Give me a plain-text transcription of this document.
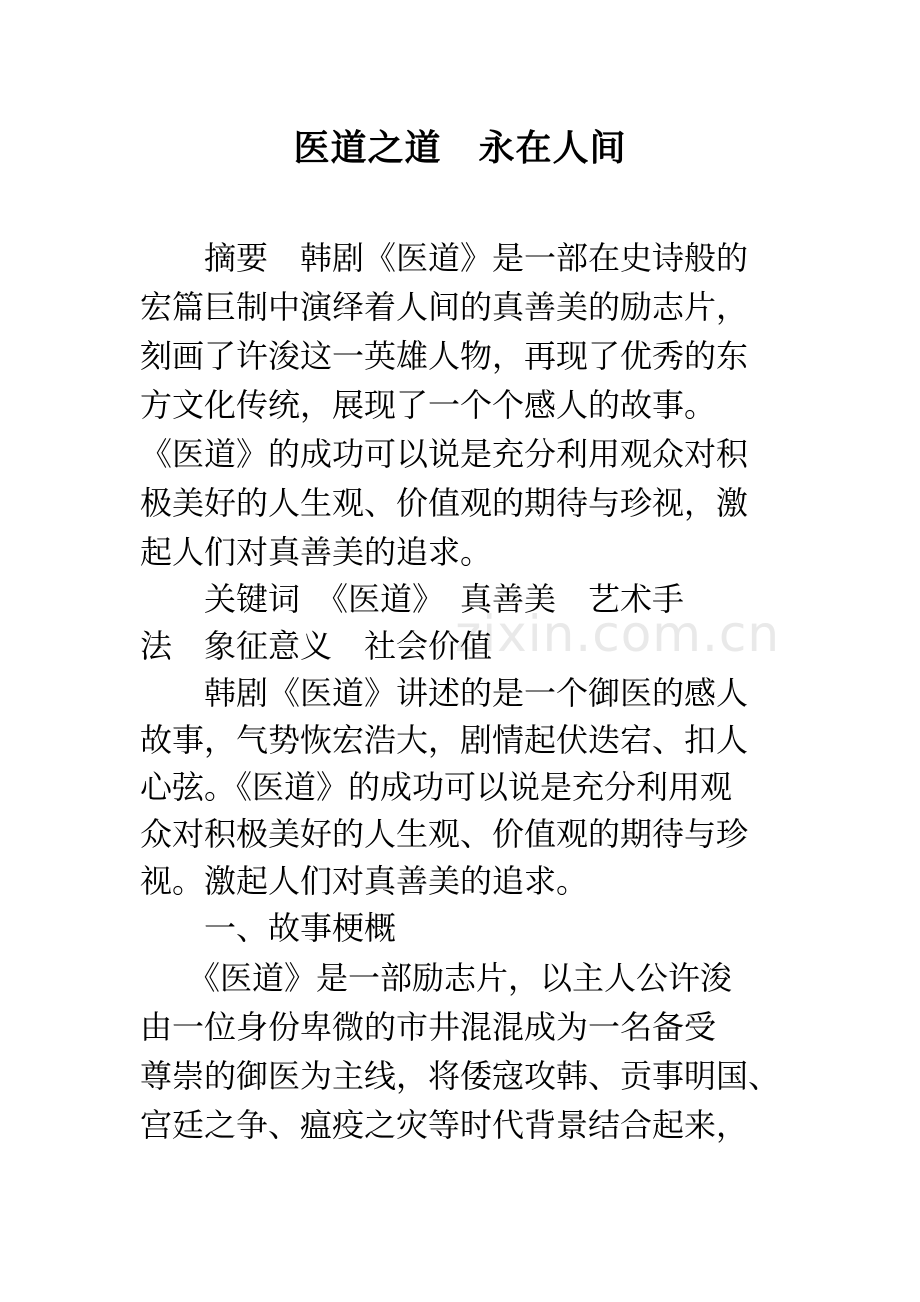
医道之道　永在人间
zixin.com.cn
　　摘要　韩剧《医道》是一部在史诗般的
宏篇巨制中演绎着人间的真善美的励志片，
刻画了许浚这一英雄人物，再现了优秀的东
方文化传统，展现了一个个感人的故事。
《医道》的成功可以说是充分利用观众对积
极美好的人生观、价值观的期待与珍视，激
起人们对真善美的追求。
　　关键词　《医道》　真善美　艺术手
法　象征意义　社会价值
　　韩剧《医道》讲述的是一个御医的感人
故事，气势恢宏浩大，剧情起伏迭宕、扣人
心弦。《医道》的成功可以说是充分利用观
众对积极美好的人生观、价值观的期待与珍
视。激起人们对真善美的追求。
　　一、故事梗概
　　《医道》是一部励志片，以主人公许浚
由一位身份卑微的市井混混成为一名备受
尊崇的御医为主线，将倭寇攻韩、贡事明国、
宫廷之争、瘟疫之灾等时代背景结合起来，
